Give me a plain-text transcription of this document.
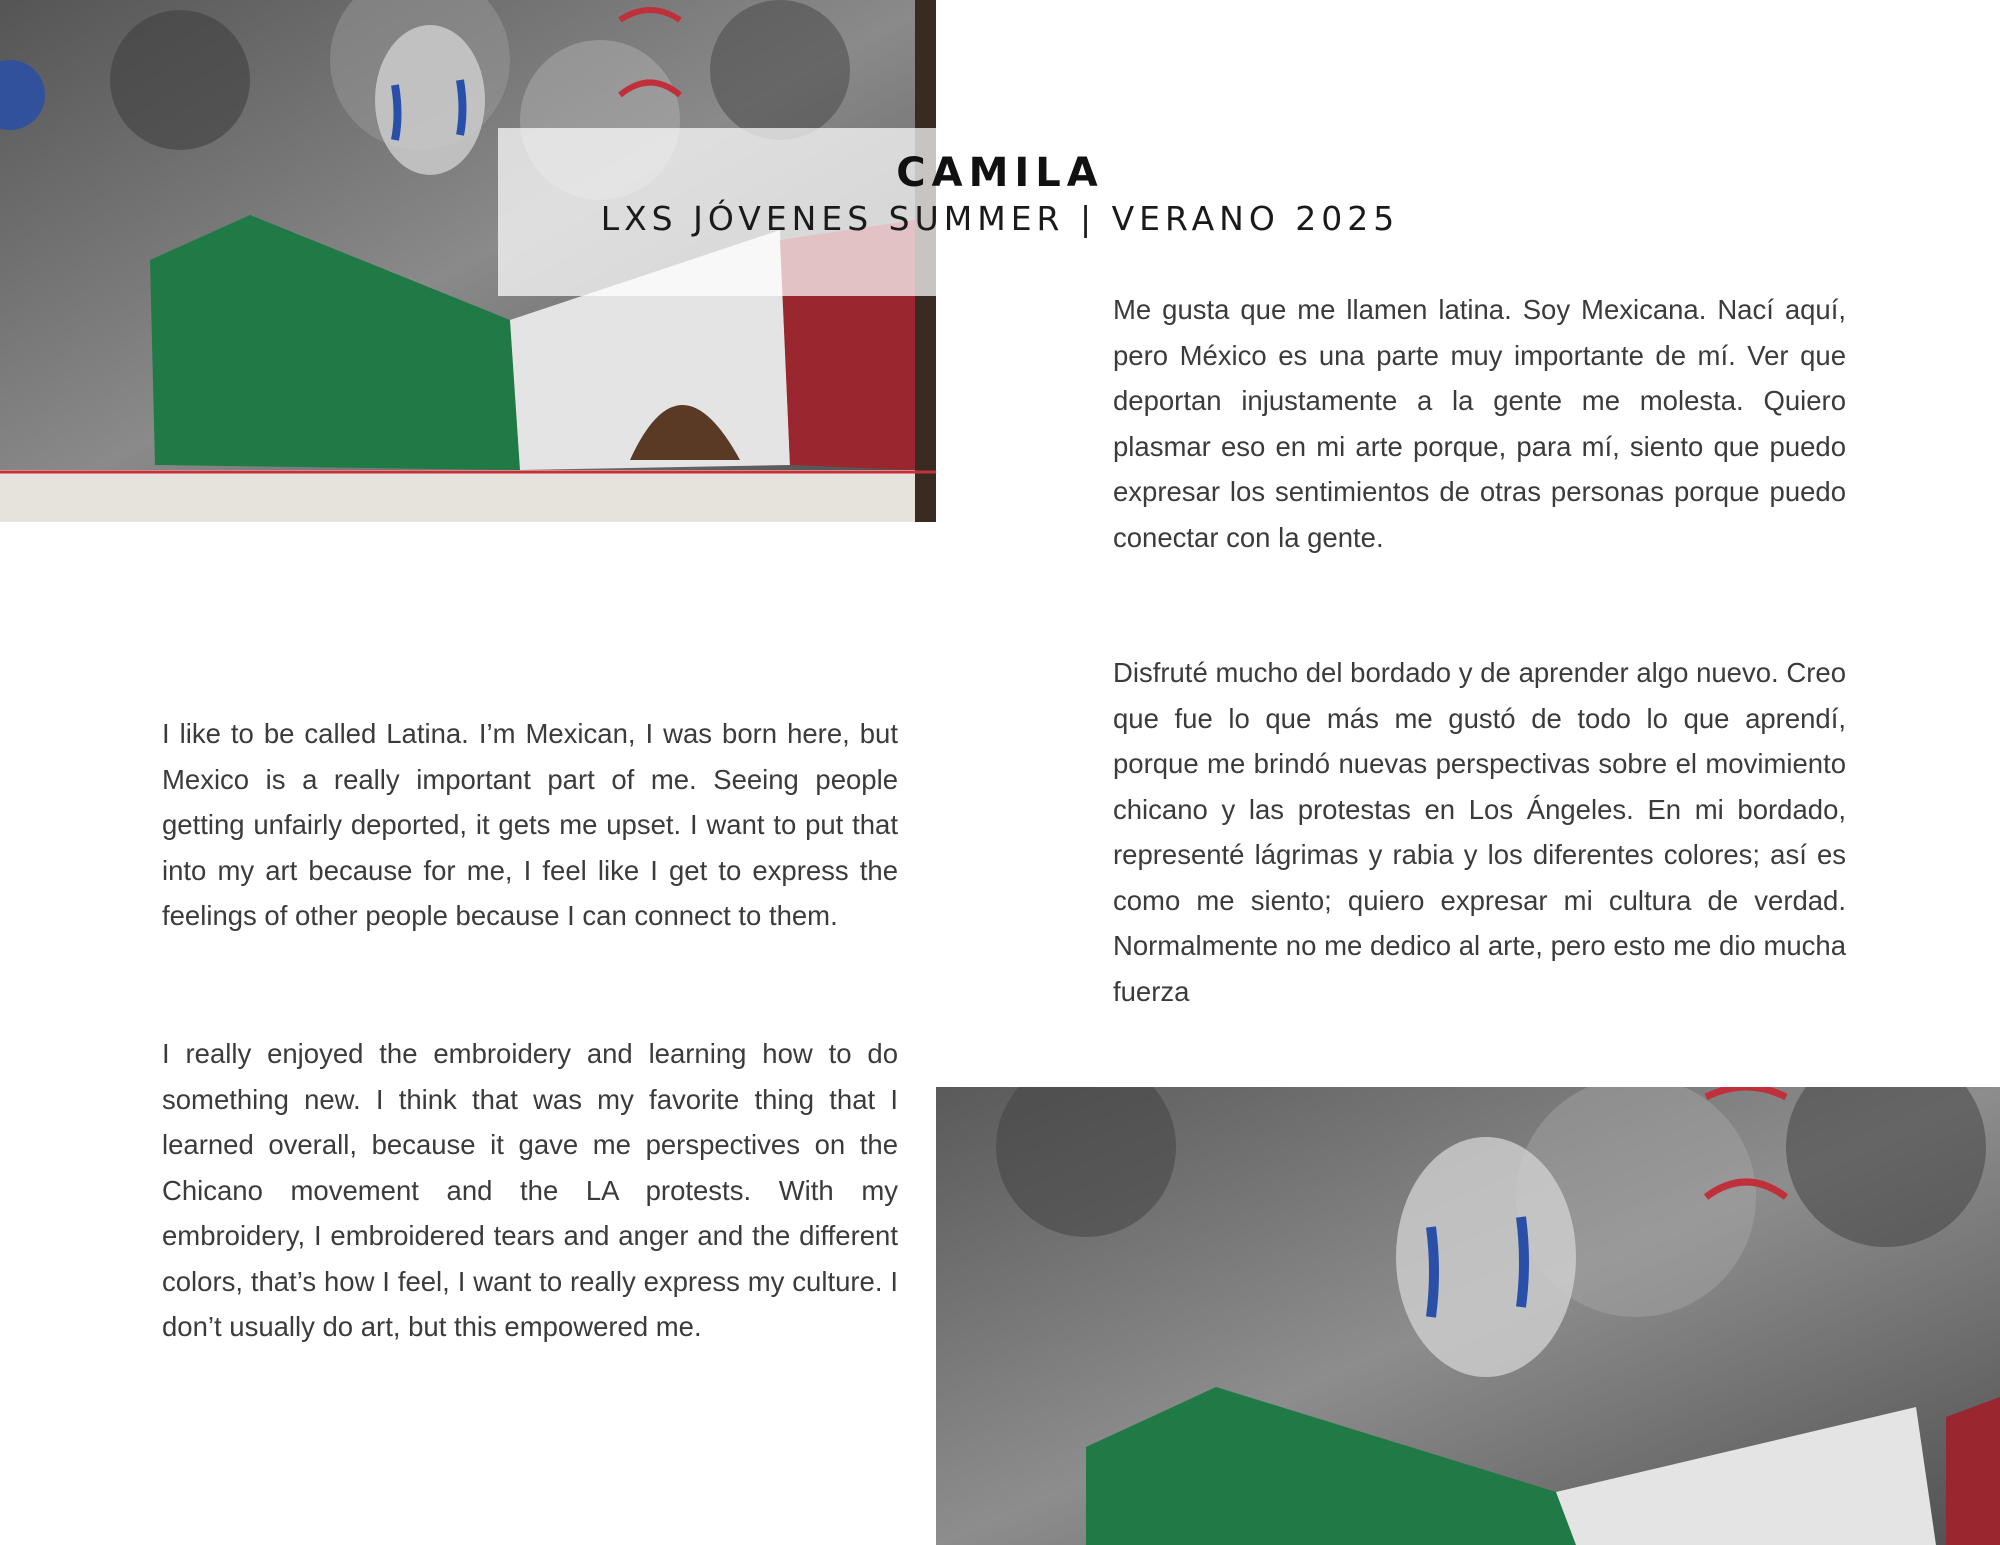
CAMILA
LXS JÓVENES SUMMER | VERANO 2025

Me gusta que me llamen latina. Soy Mexicana. Nací aquí, pero México es una parte muy importante de mí. Ver que deportan injustamente a la gente me molesta. Quiero plasmar eso en mi arte porque, para mí, siento que puedo expresar los sentimientos de otras personas porque puedo conectar con la gente.

Disfruté mucho del bordado y de aprender algo nuevo. Creo que fue lo que más me gustó de todo lo que aprendí, porque me brindó nuevas perspectivas sobre el movimiento chicano y las protestas en Los Ángeles. En mi bordado, representé lágrimas y rabia y los diferentes colores; así es como me siento; quiero expresar mi cultura de verdad. Normalmente no me dedico al arte, pero esto me dio mucha fuerza

I like to be called Latina. I’m Mexican, I was born here, but Mexico is a really important part of me. Seeing people getting unfairly deported, it gets me upset. I want to put that into my art because for me, I feel like I get to express the feelings of other people because I can connect to them.

I really enjoyed the embroidery and learning how to do something new. I think that was my favorite thing that I learned overall, because it gave me perspectives on the Chicano movement and the LA protests. With my embroidery, I embroidered tears and anger and the different colors, that’s how I feel, I want to really express my culture. I don’t usually do art, but this empowered me.
